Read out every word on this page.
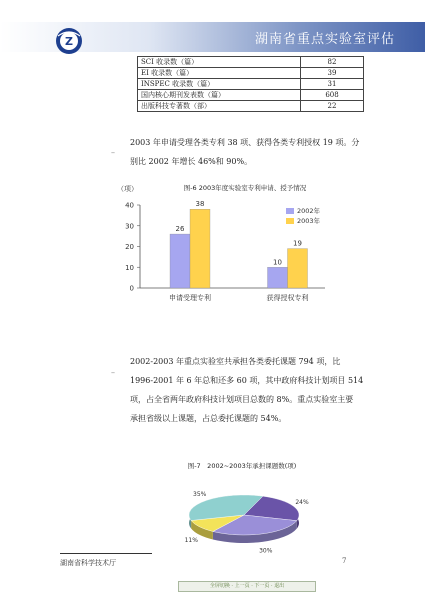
Z	湖南省重点实验室评估
SCI 收录数（篇）	82
EI 收录数（篇）	39
INSPEC 收录数（篇）	31
国内核心期刊发表数（篇）	608
出版科技专著数（部）	22
–
2003 年申请受理各类专利 38 项、获得各类专利授权 19 项。分
别比 2002 年增长 46%和 90%。
图-6 2003年度实验室专利申请、授予情况
（项）
0
10
20
30
40
26
38
申请受理专利
10
19
获得授权专利
2002年
2003年
–
2002-2003 年重点实验室共承担各类委托课题 794 项，比
1996-2001 年 6 年总和还多 60 项，其中政府科技计划项目 514
项，占全省两年政府科技计划项目总数的 8%。重点实验室主要
承担省级以上课题，占总委托课题的 54%。
图-7　2002~2003年承担课题数(项)
24%
30%
11%
35%
湖南省科学技术厅	7
全屏切换 · 上一页 · 下一页 · 退出
